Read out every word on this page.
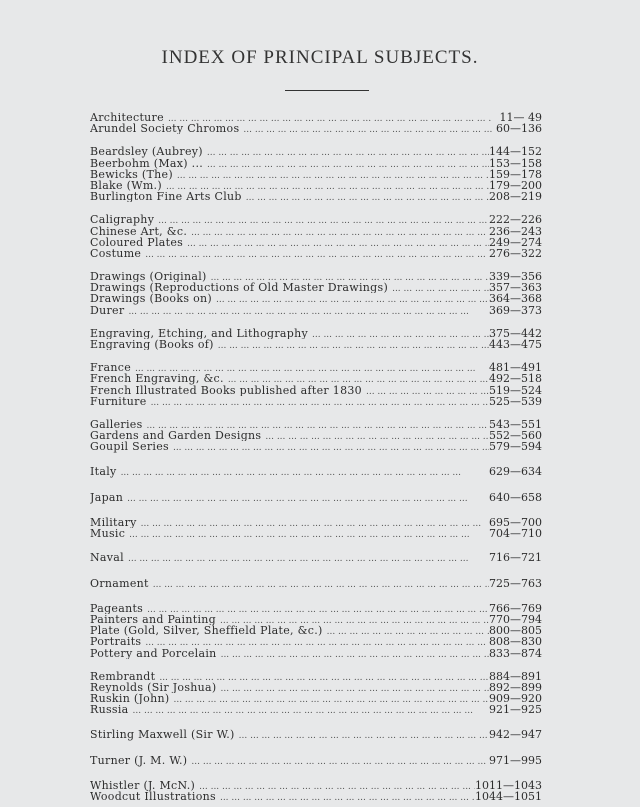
INDEX OF PRINCIPAL SUBJECTS.
Architecture ... .	11— 49
Arundel Society Chromos ... .	60—136
Beardsley (Aubrey) ... .	144—152
Beerbohm (Max) ... ... .	153—158
Bewicks (The) ... .	159—178
Blake (Wm.) ... .	179—200
Burlington Fine Arts Club ... .	208—219
Caligraphy ... .	222—226
Chinese Art, &c. ... .	236—243
Coloured Plates ... .	249—274
Costume ... .	276—322
Drawings (Original) ... .	339—356
Drawings (Reproductions of Old Master Drawings) ... .	357—363
Drawings (Books on) ... .	364—368
Durer ... .	369—373
Engraving, Etching, and Lithography ... .	375—442
Engraving (Books of) ... .	443—475
France ... .	481—491
French Engraving, &c. ... .	492—518
French Illustrated Books published after 1830 ... .	519—524
Furniture ... .	525—539
Galleries ... .	543—551
Gardens and Garden Designs ... .	552—560
Goupil Series ... .	579—594
Italy ... .	629—634
Japan ... .	640—658
Military ... .	695—700
Music ... .	704—710
Naval ... .	716—721
Ornament ... .	725—763
Pageants ... .	766—769
Painters and Painting ... .	770—794
Plate (Gold, Silver, Sheffield Plate, &c.) ... .	800—805
Portraits ... .	808—830
Pottery and Porcelain ... .	833—874
Rembrandt ... .	884—891
Reynolds (Sir Joshua) ... .	892—899
Ruskin (John) ... .	909—920
Russia ... .	921—925
Stirling Maxwell (Sir W.) ... .	942—947
Turner (J. M. W.) ... .	971—995
Whistler (J. McN.) ... .	1011—1043
Woodcut Illustrations ... .	1044—1051
